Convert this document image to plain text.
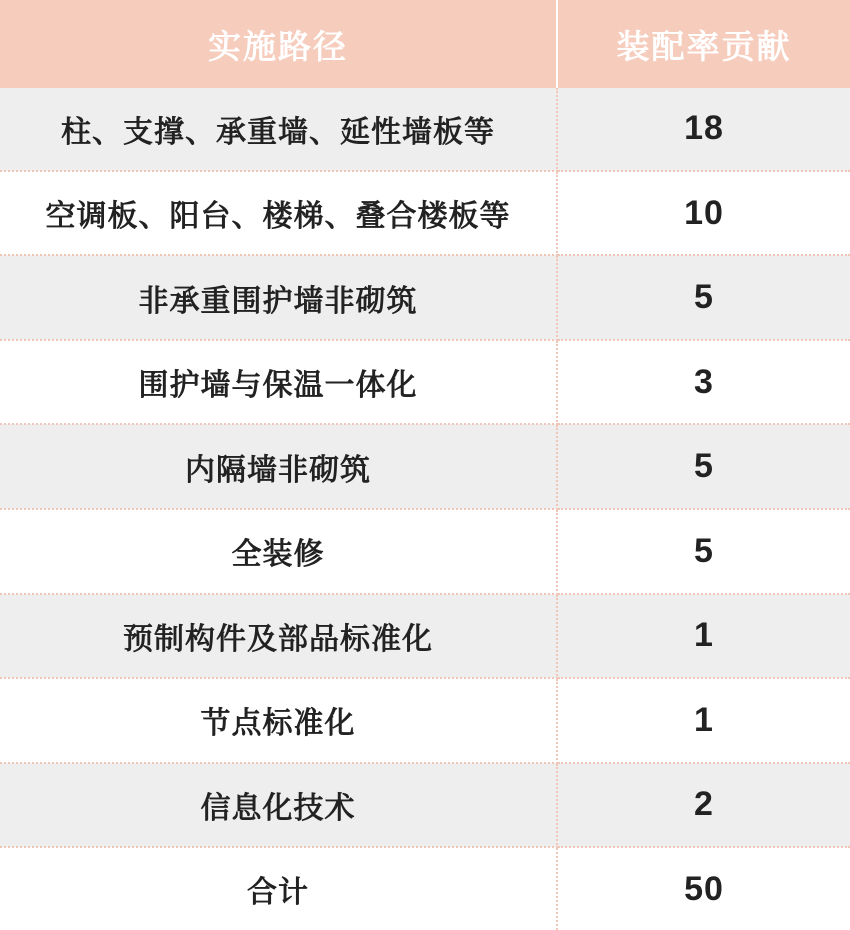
实施路径	装配率贡献
柱、支撑、承重墙、延性墙板等	18
空调板、阳台、楼梯、叠合楼板等	10
非承重围护墙非砌筑	5
围护墙与保温一体化	3
内隔墙非砌筑	5
全装修	5
预制构件及部品标准化	1
节点标准化	1
信息化技术	2
合计	50
